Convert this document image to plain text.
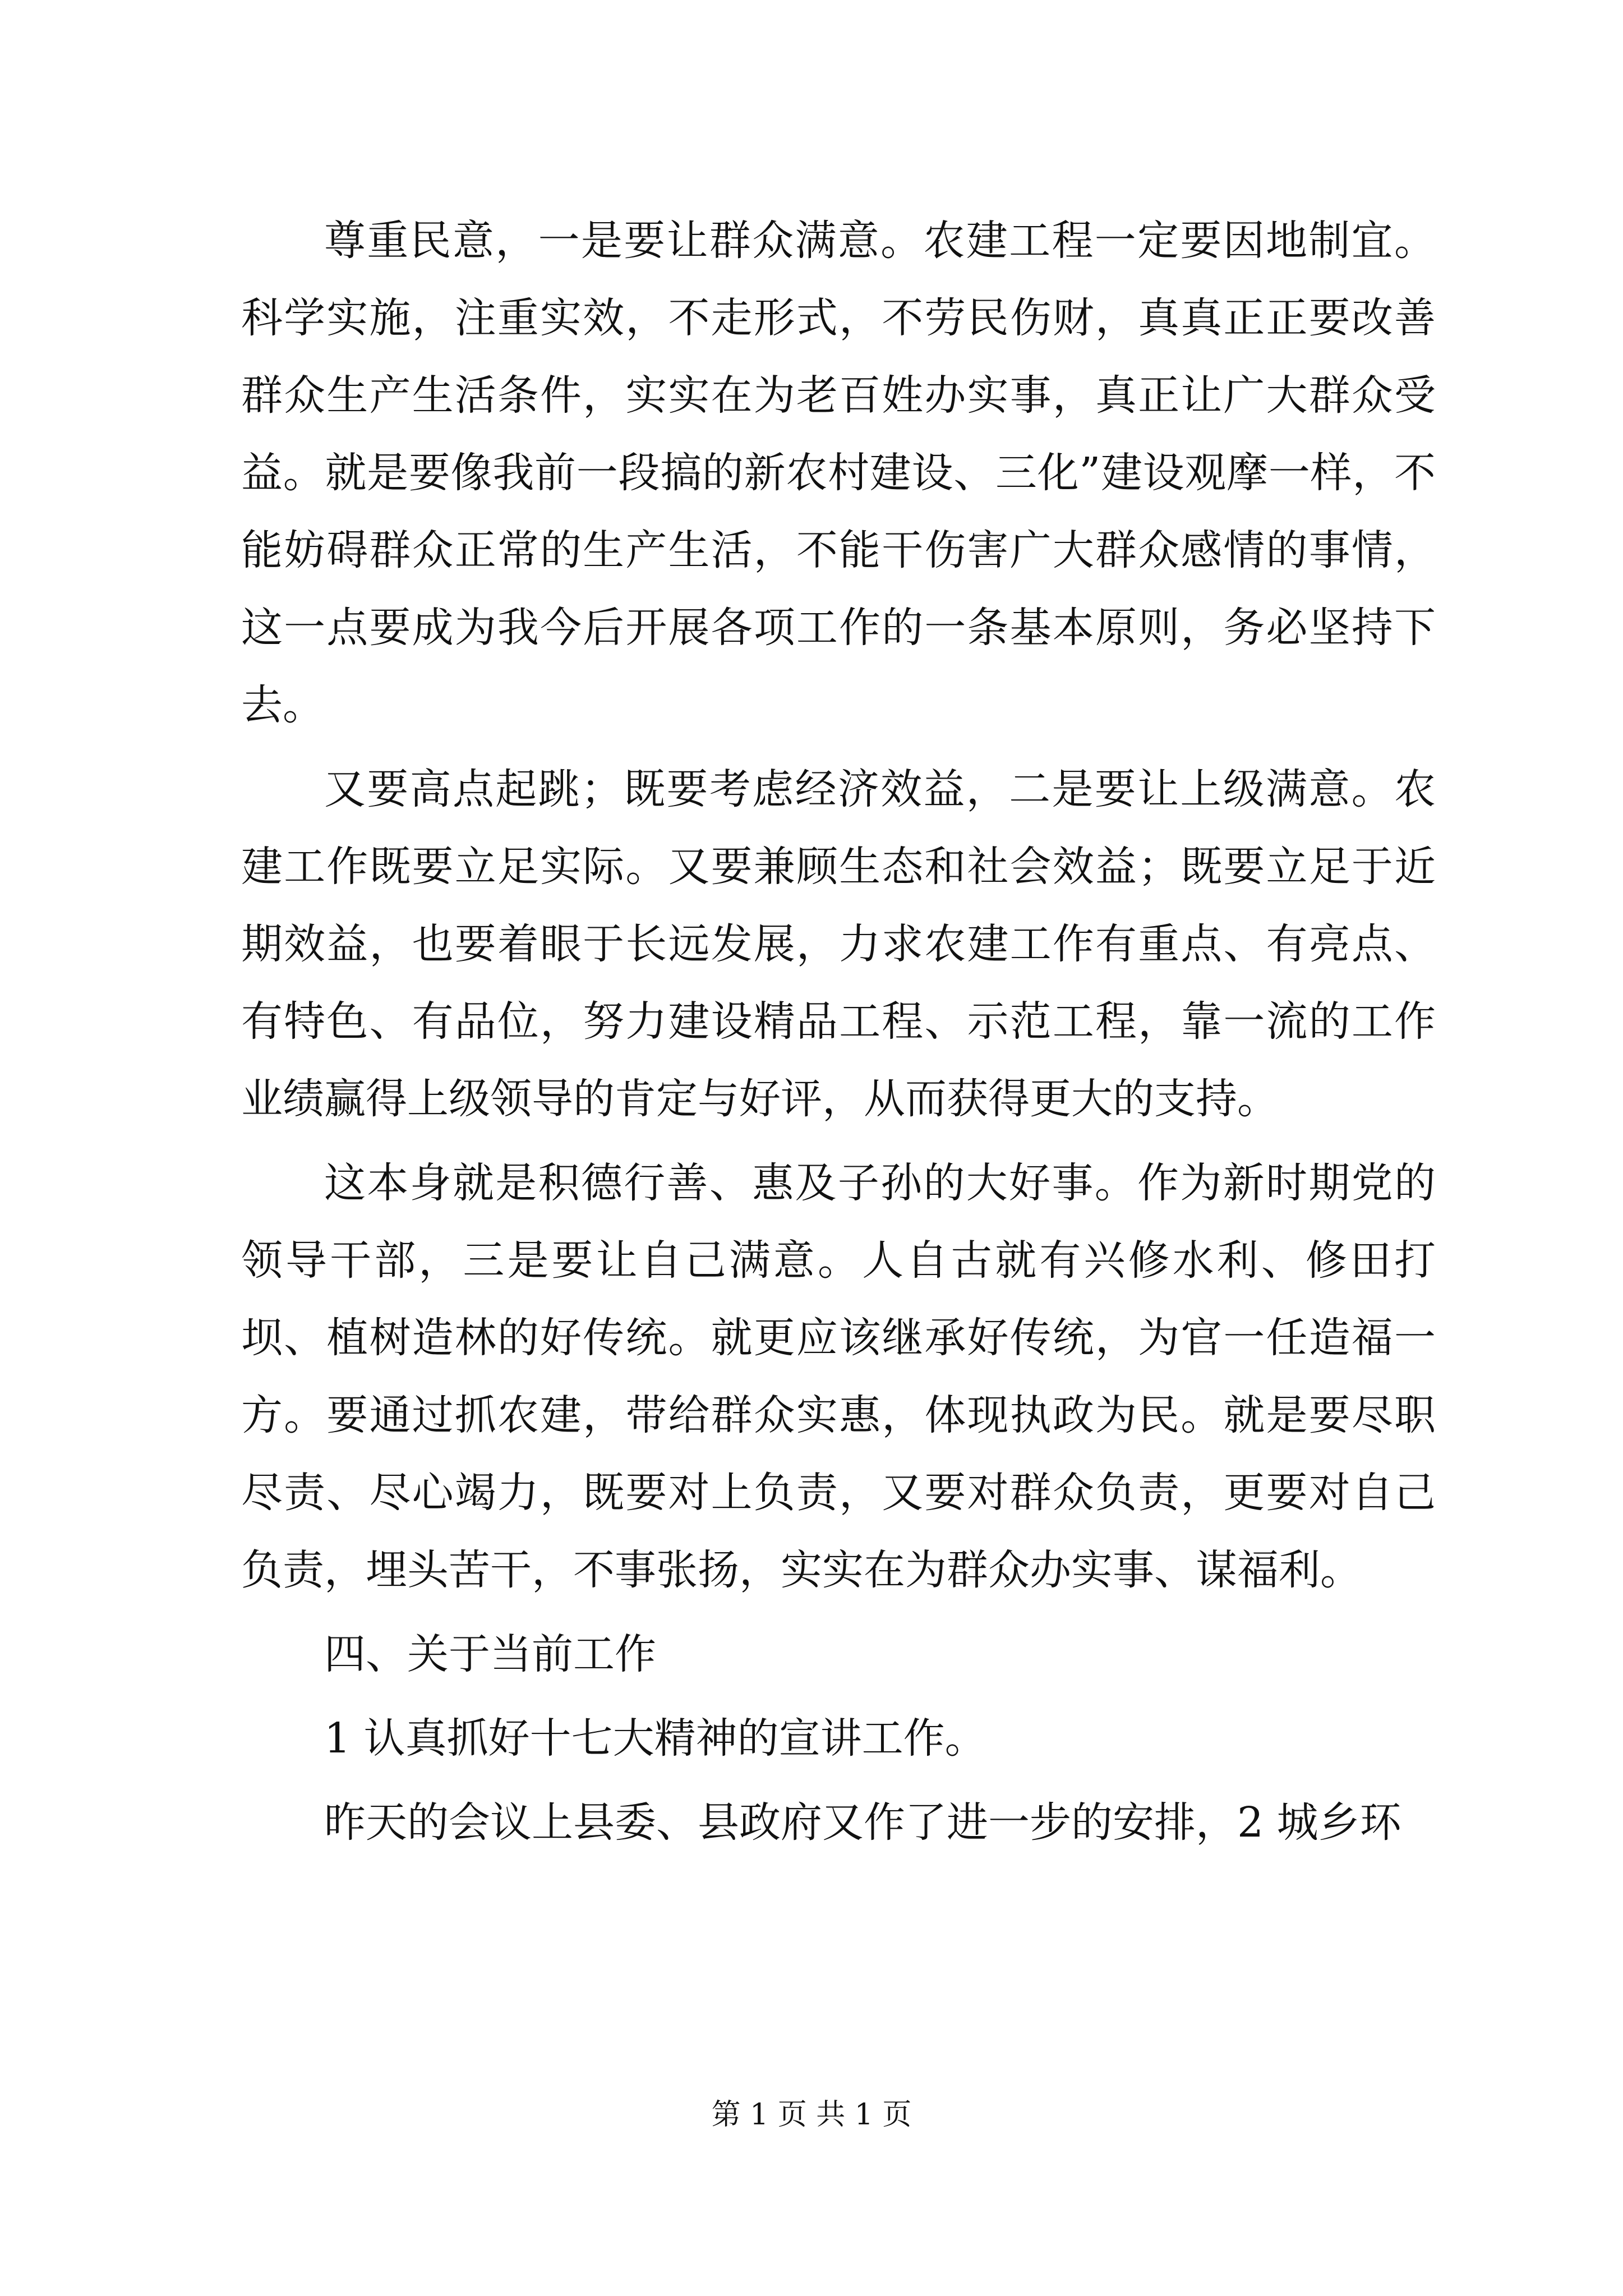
尊重民意，一是要让群众满意。农建工程一定要因地制宜。科学实施，注重实效，不走形式，不劳民伤财，真真正正要改善群众生产生活条件，实实在为老百姓办实事，真正让广大群众受益。就是要像我前一段搞的新农村建设、三化”建设观摩一样，不能妨碍群众正常的生产生活，不能干伤害广大群众感情的事情，这一点要成为我今后开展各项工作的一条基本原则，务必坚持下去。

又要高点起跳；既要考虑经济效益，二是要让上级满意。农建工作既要立足实际。又要兼顾生态和社会效益；既要立足于近期效益，也要着眼于长远发展，力求农建工作有重点、有亮点、有特色、有品位，努力建设精品工程、示范工程，靠一流的工作业绩赢得上级领导的肯定与好评，从而获得更大的支持。

这本身就是积德行善、惠及子孙的大好事。作为新时期党的领导干部，三是要让自己满意。人自古就有兴修水利、修田打坝、植树造林的好传统。就更应该继承好传统，为官一任造福一方。要通过抓农建，带给群众实惠，体现执政为民。就是要尽职尽责、尽心竭力，既要对上负责，又要对群众负责，更要对自己负责，埋头苦干，不事张扬，实实在为群众办实事、谋福利。

四、关于当前工作

1 认真抓好十七大精神的宣讲工作。

昨天的会议上县委、县政府又作了进一步的安排，2 城乡环

第 1 页 共 1 页
